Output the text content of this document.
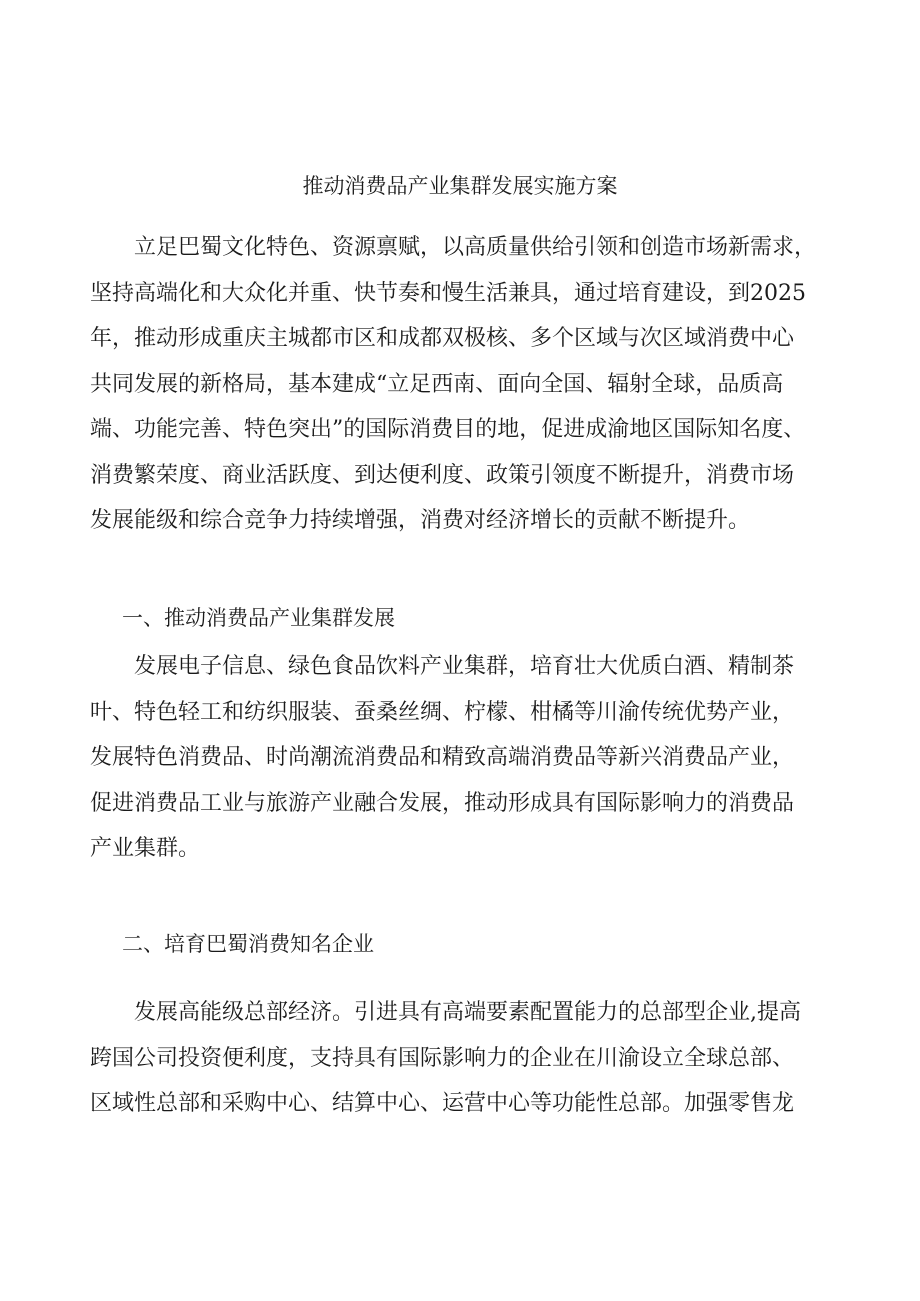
推动消费品产业集群发展实施方案

　　立足巴蜀文化特色、资源禀赋，以高质量供给引领和创造市场新需求，
坚持高端化和大众化并重、快节奏和慢生活兼具，通过培育建设，到2025
年，推动形成重庆主城都市区和成都双极核、多个区域与次区域消费中心
共同发展的新格局，基本建成“立足西南、面向全国、辐射全球，品质高
端、功能完善、特色突出”的国际消费目的地，促进成渝地区国际知名度、
消费繁荣度、商业活跃度、到达便利度、政策引领度不断提升，消费市场
发展能级和综合竞争力持续增强，消费对经济增长的贡献不断提升。

一、推动消费品产业集群发展

　　发展电子信息、绿色食品饮料产业集群，培育壮大优质白酒、精制茶
叶、特色轻工和纺织服装、蚕桑丝绸、柠檬、柑橘等川渝传统优势产业，
发展特色消费品、时尚潮流消费品和精致高端消费品等新兴消费品产业，
促进消费品工业与旅游产业融合发展，推动形成具有国际影响力的消费品
产业集群。

二、培育巴蜀消费知名企业

　　发展高能级总部经济。引进具有高端要素配置能力的总部型企业,提高
跨国公司投资便利度，支持具有国际影响力的企业在川渝设立全球总部、
区域性总部和采购中心、结算中心、运营中心等功能性总部。加强零售龙
